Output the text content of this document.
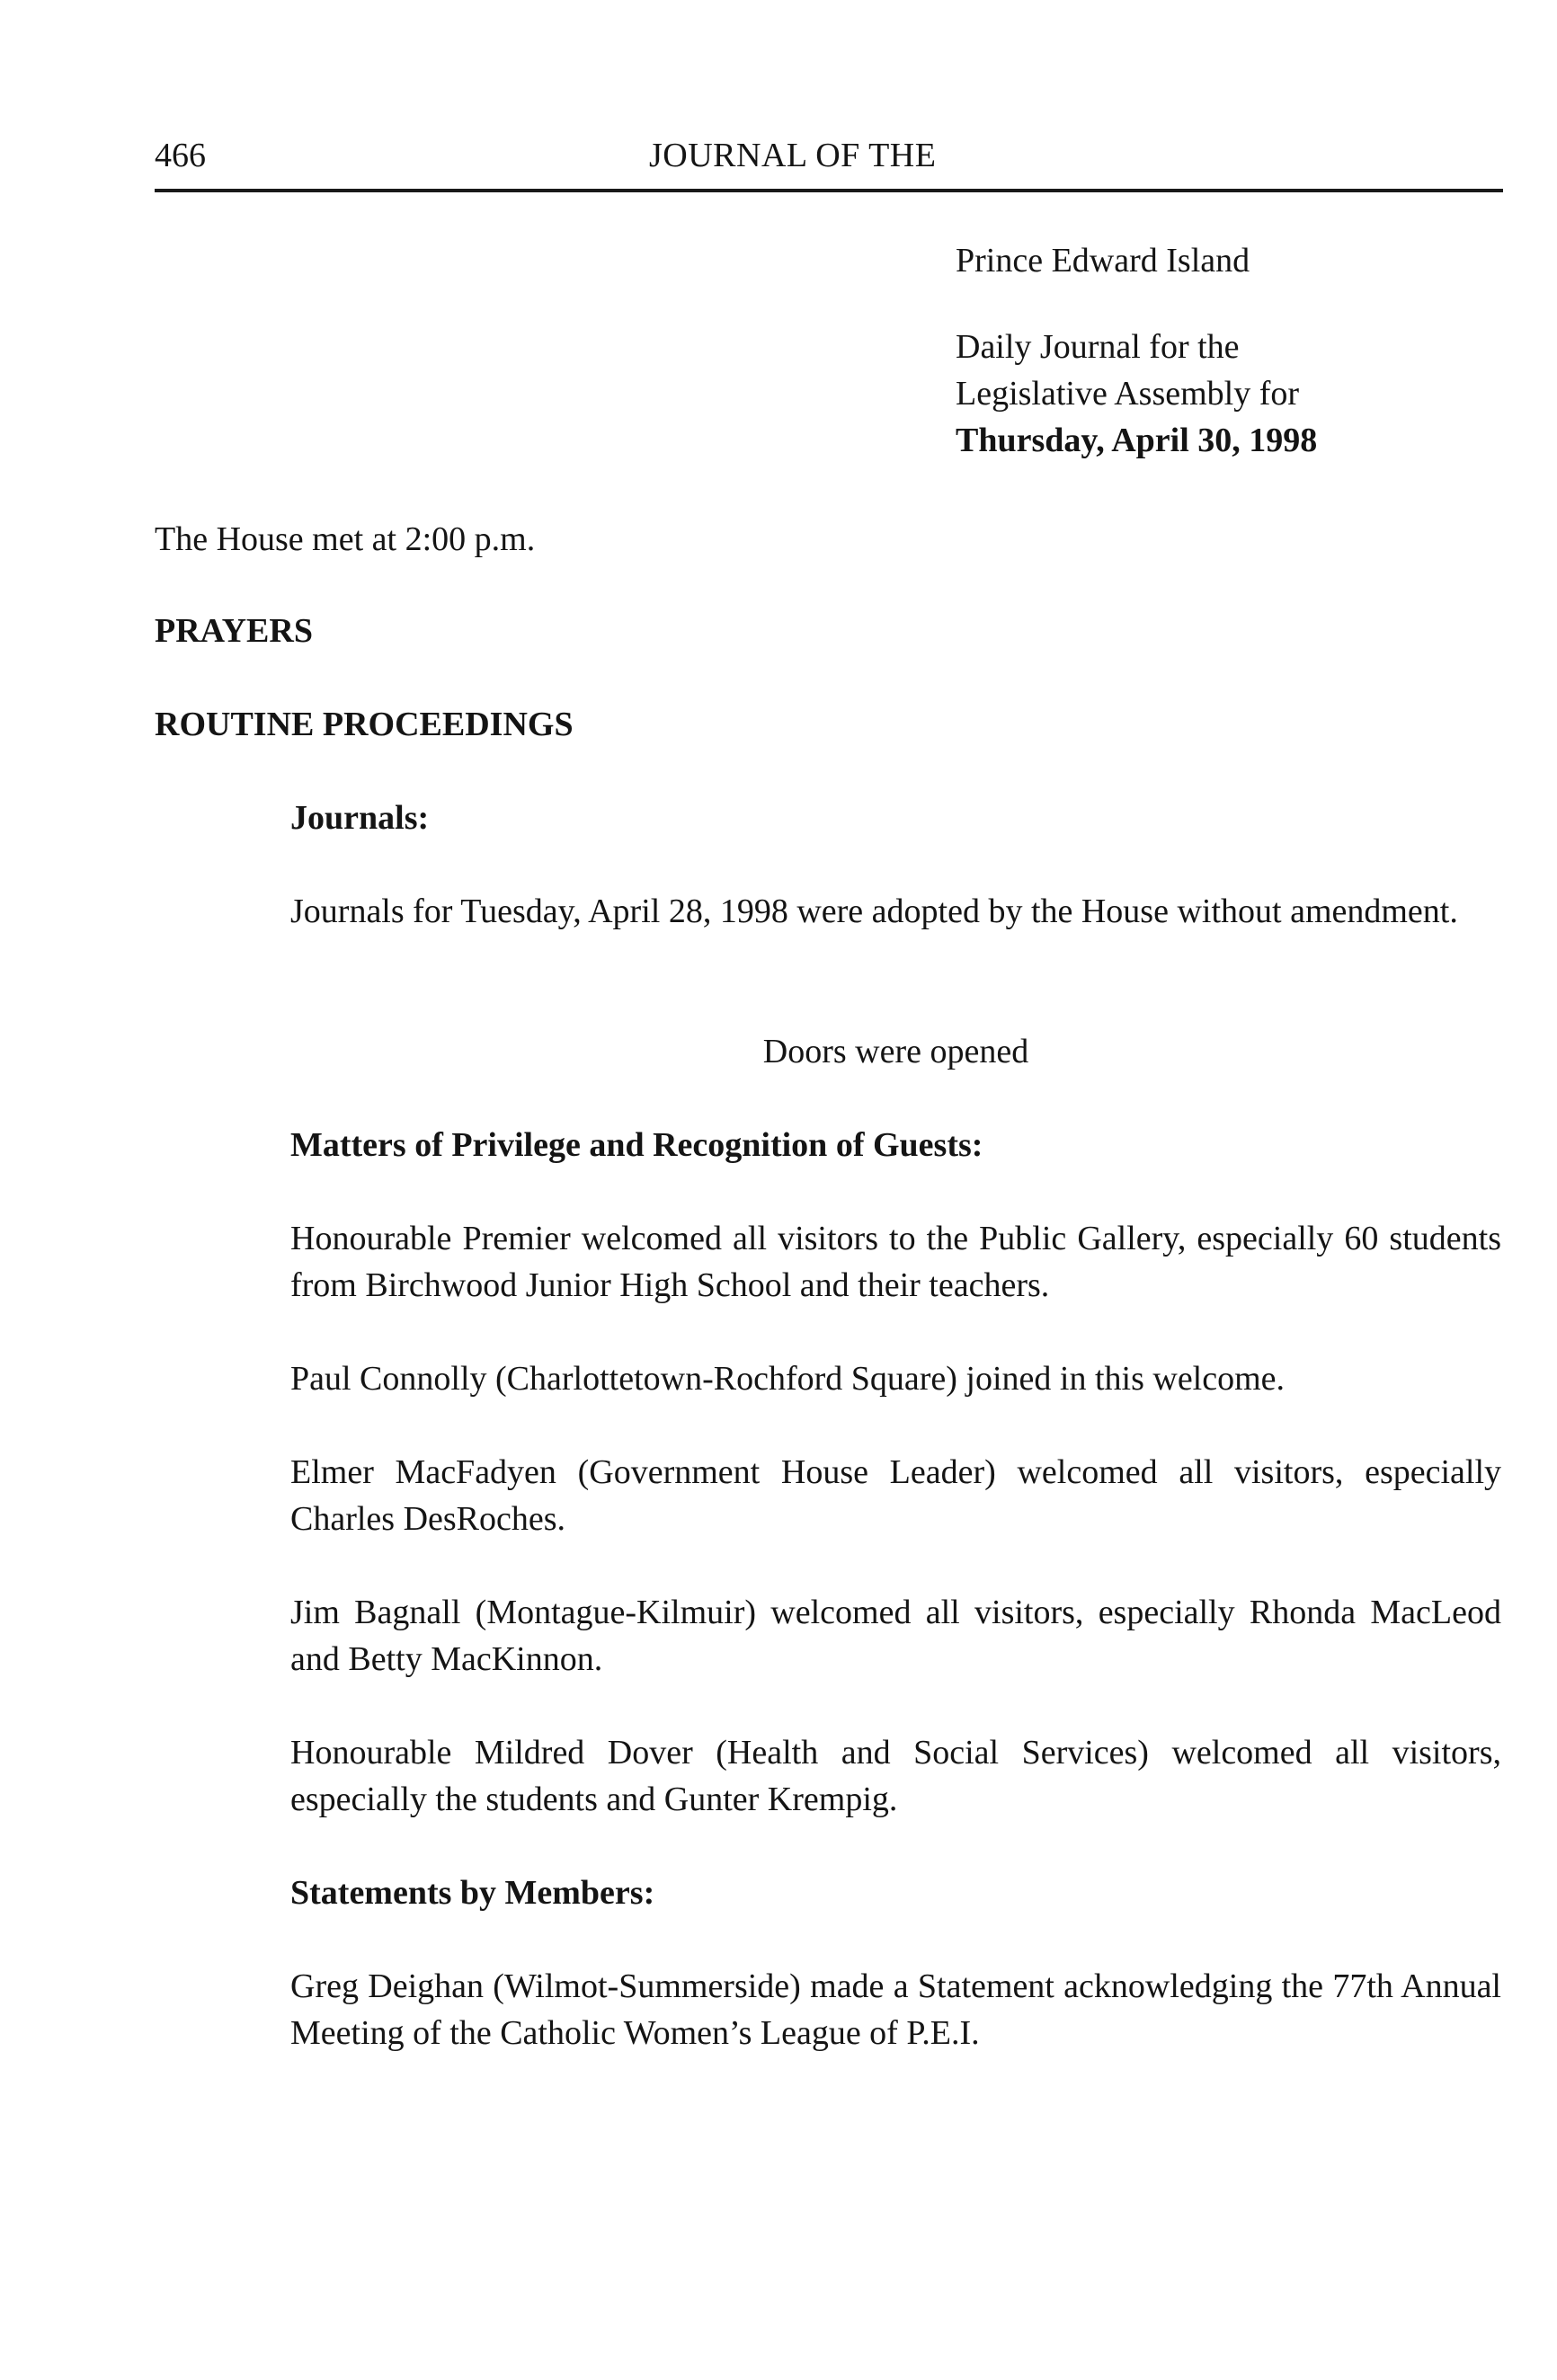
466	JOURNAL OF THE

Prince Edward Island

Daily Journal for the

Legislative Assembly for

Thursday, April 30, 1998

The House met at 2:00 p.m.

PRAYERS

ROUTINE PROCEEDINGS

Journals:

Journals for Tuesday, April 28, 1998 were adopted by the House without amendment.

Doors were opened

Matters of Privilege and Recognition of Guests:

Honourable Premier welcomed all visitors to the Public Gallery, especially 60 students from Birchwood Junior High School and their teachers.

Paul Connolly (Charlottetown-Rochford Square) joined in this welcome.

Elmer MacFadyen (Government House Leader) welcomed all visitors, especially Charles DesRoches.

Jim Bagnall (Montague-Kilmuir) welcomed all visitors, especially Rhonda MacLeod and Betty MacKinnon.

Honourable Mildred Dover (Health and Social Services) welcomed all visitors, especially the students and Gunter Krempig.

Statements by Members:

Greg Deighan (Wilmot-Summerside) made a Statement acknowledging the 77th Annual Meeting of the Catholic Women’s League of P.E.I.
